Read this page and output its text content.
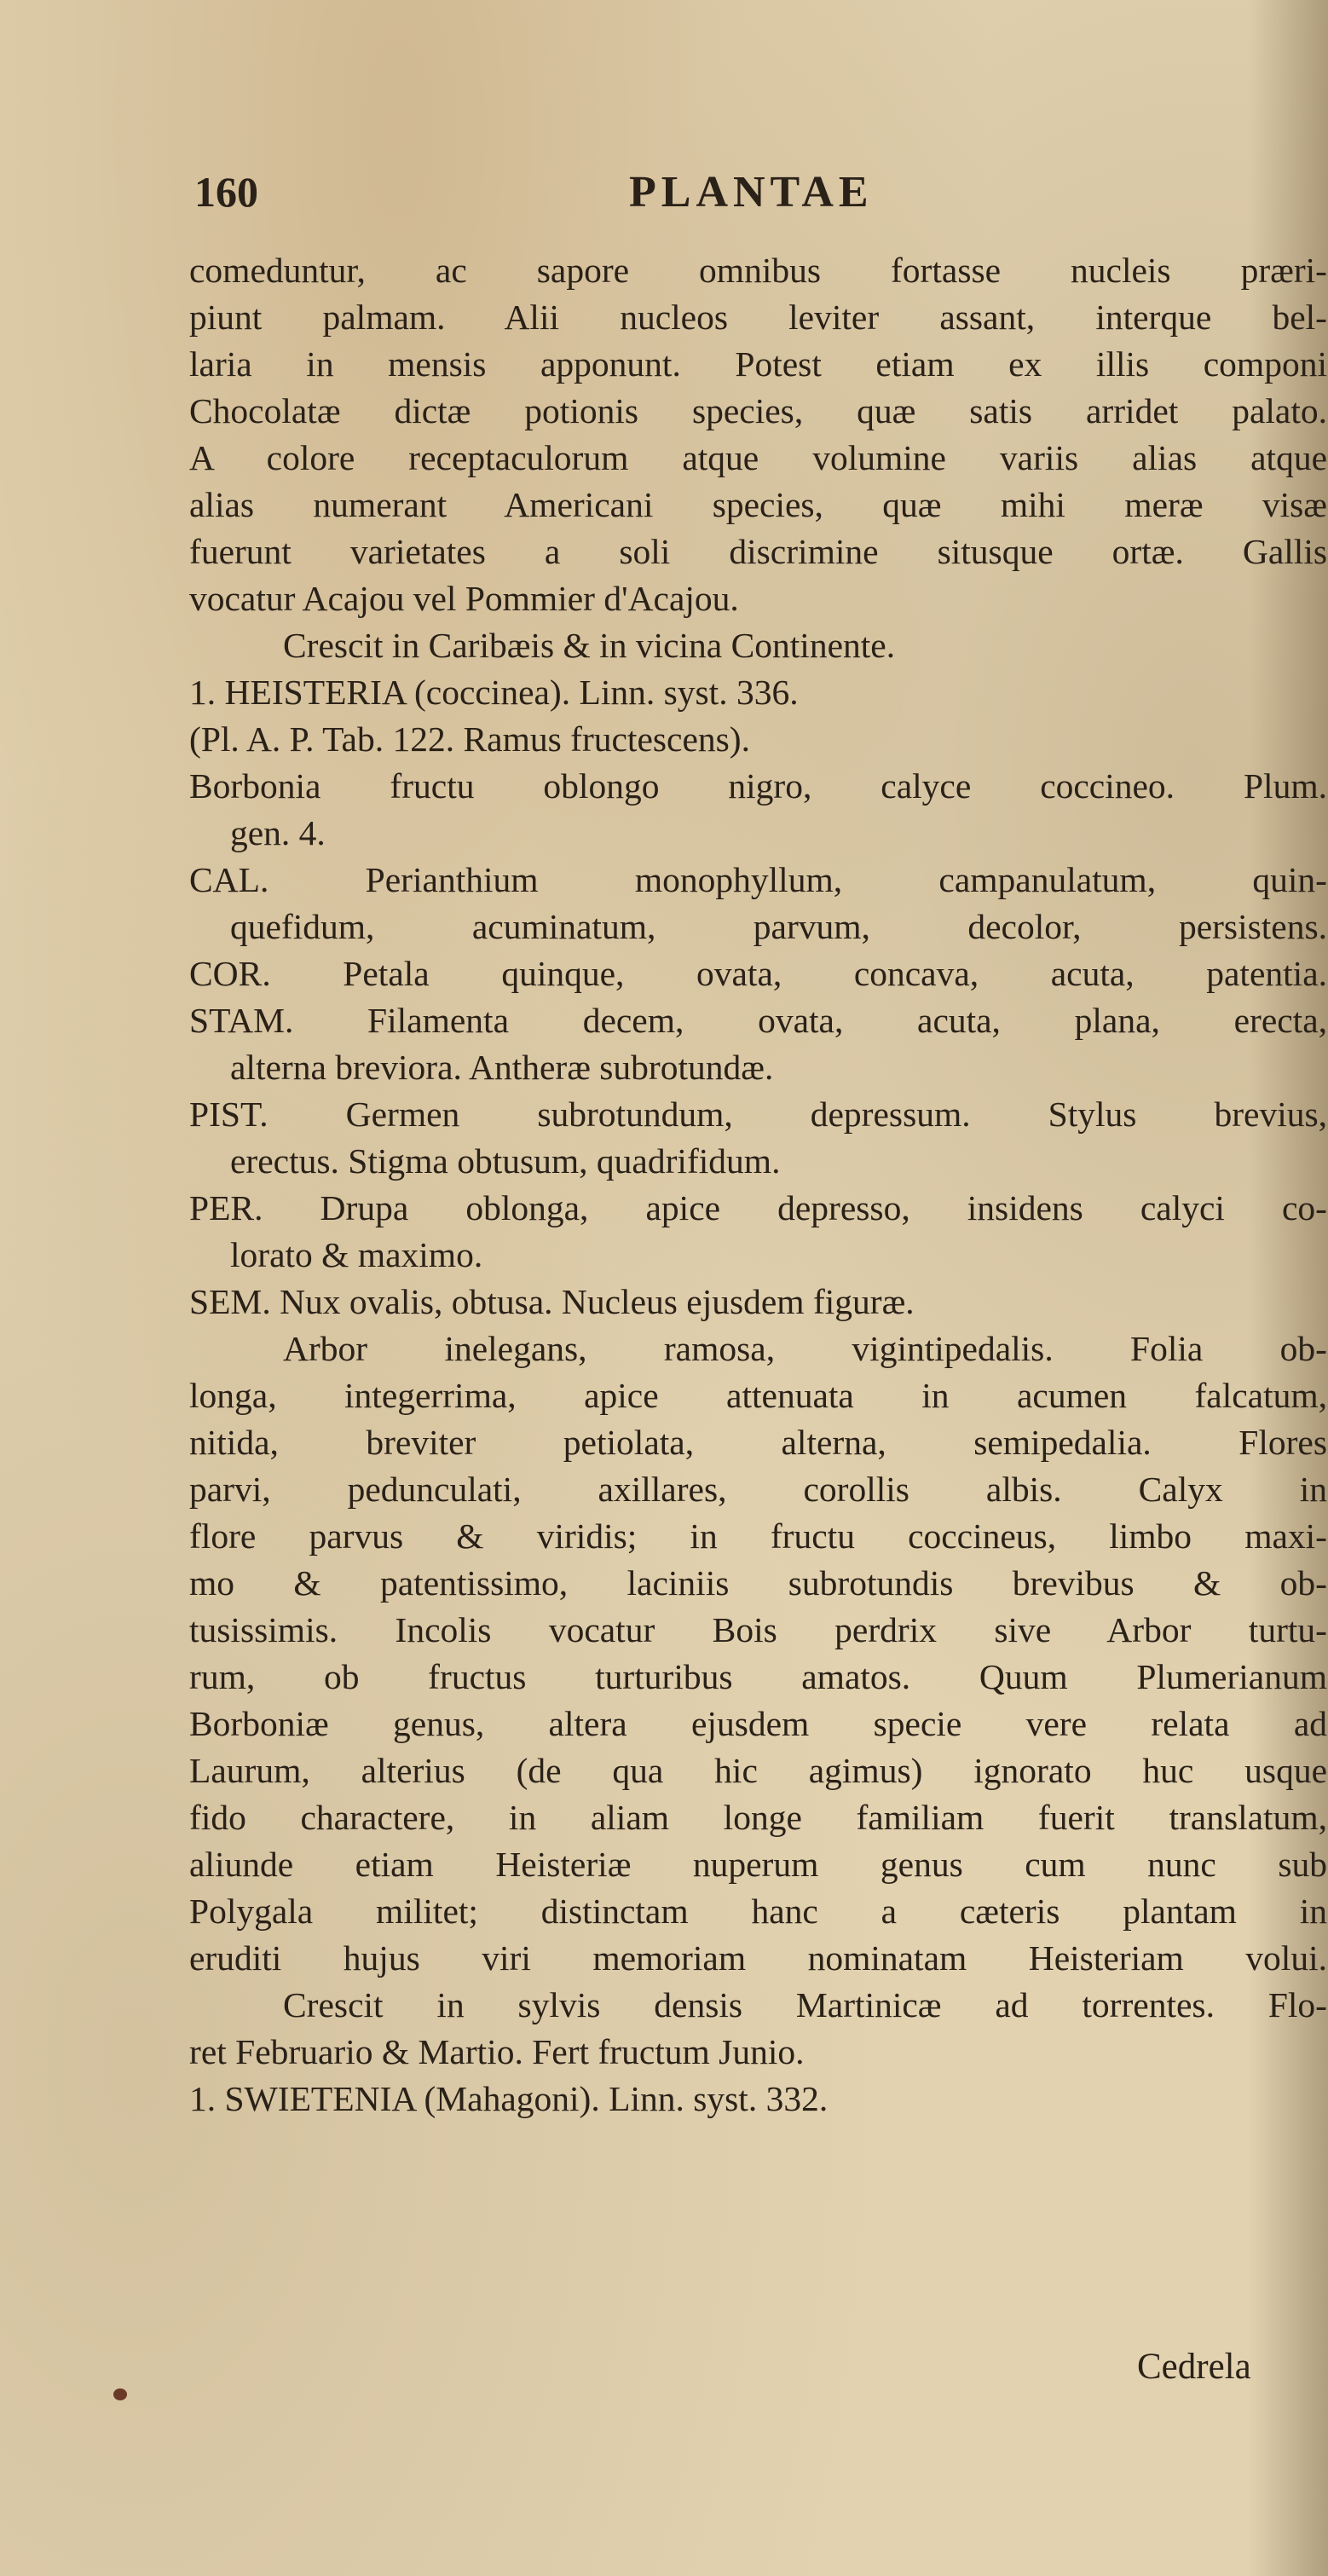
160	PLANTAE
comeduntur, ac sapore omnibus fortasse nucleis præri-
piunt palmam. Alii nucleos leviter assant, interque bel-
laria in mensis apponunt. Potest etiam ex illis componi
Chocolatæ dictæ potionis species, quæ satis arridet palato.
A colore receptaculorum atque volumine variis alias atque
alias numerant Americani species, quæ mihi meræ visæ
fuerunt varietates a soli discrimine situsque ortæ. Gallis
vocatur Acajou vel Pommier d'Acajou.
Crescit in Caribæis & in vicina Continente.
1. HEISTERIA (coccinea). Linn. syst. 336.
(Pl. A. P. Tab. 122. Ramus fructescens).
Borbonia fructu oblongo nigro, calyce coccineo. Plum.
gen. 4.
CAL. Perianthium monophyllum, campanulatum, quin-
quefidum, acuminatum, parvum, decolor, persistens.
COR. Petala quinque, ovata, concava, acuta, patentia.
STAM. Filamenta decem, ovata, acuta, plana, erecta,
alterna breviora. Antheræ subrotundæ.
PIST. Germen subrotundum, depressum. Stylus brevius,
erectus. Stigma obtusum, quadrifidum.
PER. Drupa oblonga, apice depresso, insidens calyci co-
lorato & maximo.
SEM. Nux ovalis, obtusa. Nucleus ejusdem figuræ.
Arbor inelegans, ramosa, vigintipedalis. Folia ob-
longa, integerrima, apice attenuata in acumen falcatum,
nitida, breviter petiolata, alterna, semipedalia. Flores
parvi, pedunculati, axillares, corollis albis. Calyx in
flore parvus & viridis; in fructu coccineus, limbo maxi-
mo & patentissimo, laciniis subrotundis brevibus & ob-
tusissimis. Incolis vocatur Bois perdrix sive Arbor turtu-
rum, ob fructus turturibus amatos. Quum Plumerianum
Borboniæ genus, altera ejusdem specie vere relata ad
Laurum, alterius (de qua hic agimus) ignorato huc usque
fido charactere, in aliam longe familiam fuerit translatum,
aliunde etiam Heisteriæ nuperum genus cum nunc sub
Polygala militet; distinctam hanc a cæteris plantam in
eruditi hujus viri memoriam nominatam Heisteriam volui.
Crescit in sylvis densis Martinicæ ad torrentes. Flo-
ret Februario & Martio. Fert fructum Junio.
1. SWIETENIA (Mahagoni). Linn. syst. 332.
Cedrela
